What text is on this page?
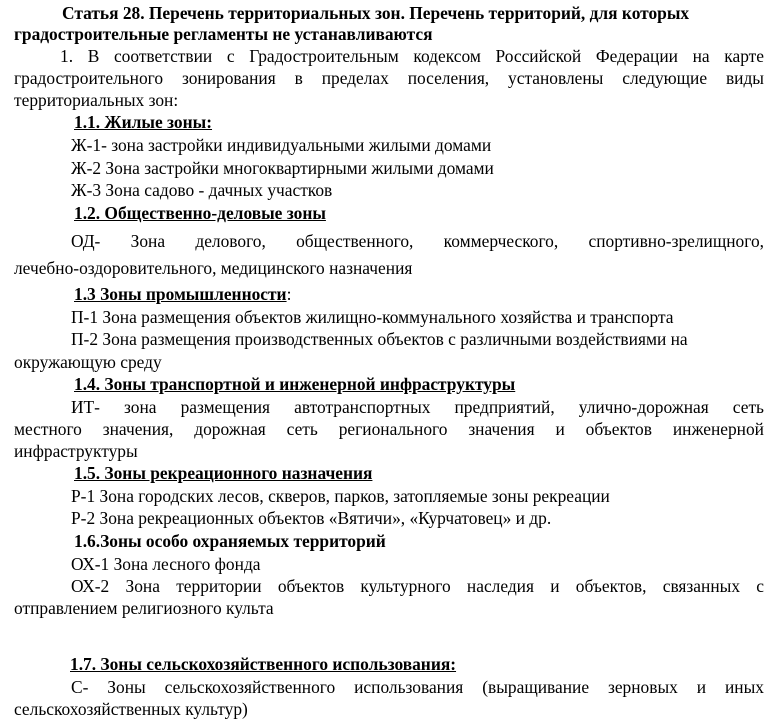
Статья 28. Перечень территориальных зон. Перечень территорий, для которых
градостроительные регламенты не устанавливаются
1. В соответствии с Градостроительным кодексом Российской Федерации на карте
градостроительного зонирования в пределах поселения, установлены следующие виды
территориальных зон:
1.1. Жилые зоны:
Ж-1- зона застройки индивидуальными жилыми домами
Ж-2 Зона застройки многоквартирными жилыми домами
Ж-3 Зона садово - дачных участков
1.2. Общественно-деловые зоны
ОД- Зона делового, общественного, коммерческого, спортивно-зрелищного,
лечебно-оздоровительного, медицинского назначения
1.3 Зоны промышленности:
П-1 Зона размещения объектов жилищно-коммунального хозяйства и транспорта
П-2 Зона размещения производственных объектов с различными воздействиями на
окружающую среду
1.4. Зоны транспортной и инженерной инфраструктуры
ИТ- зона размещения автотранспортных предприятий, улично-дорожная сеть
местного значения, дорожная сеть регионального значения и объектов инженерной
инфраструктуры
1.5. Зоны рекреационного назначения
Р-1 Зона городских лесов, скверов, парков, затопляемые зоны рекреации
Р-2 Зона рекреационных объектов «Вятичи», «Курчатовец» и др.
1.6.Зоны особо охраняемых территорий
ОХ-1 Зона лесного фонда
ОХ-2 Зона территории объектов культурного наследия и объектов, связанных с
отправлением религиозного культа
1.7. Зоны сельскохозяйственного использования:
С- Зоны сельскохозяйственного использования (выращивание зерновых и иных
сельскохозяйственных культур)
